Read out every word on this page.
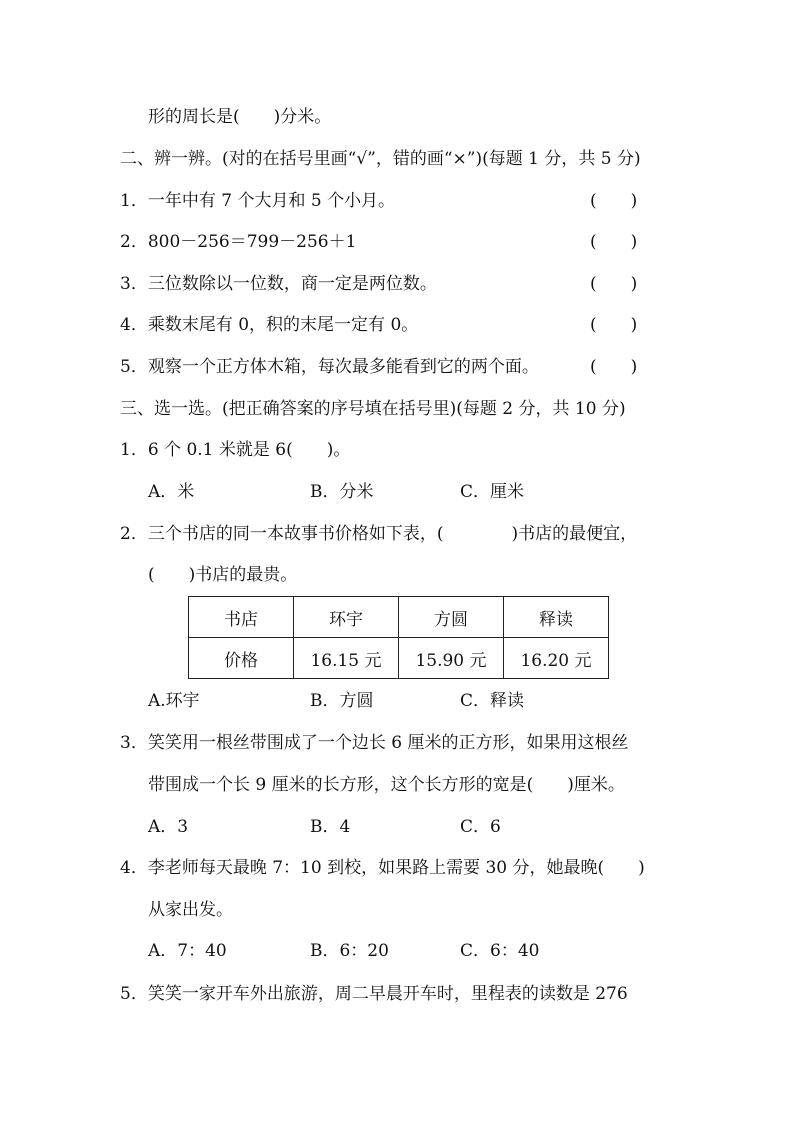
形的周长是(　　)分米。
二、辨一辨。(对的在括号里画“√”，错的画“×”)(每题 1 分，共 5 分)
1．一年中有 7 个大月和 5 个小月。	(　　)
2．800－256＝799－256＋1	(　　)
3．三位数除以一位数，商一定是两位数。	(　　)
4．乘数末尾有 0，积的末尾一定有 0。	(　　)
5．观察一个正方体木箱，每次最多能看到它的两个面。	(　　)
三、选一选。(把正确答案的序号填在括号里)(每题 2 分，共 10 分)
1．6 个 0.1 米就是 6(　　)。
A．米	B．分米	C．厘米
2．三个书店的同一本故事书价格如下表，(　　　　)书店的最便宜，
(　　)书店的最贵。
书店	环宇	方圆	释读
价格	16.15 元	15.90 元	16.20 元
A.环宇	B．方圆	C．释读
3．笑笑用一根丝带围成了一个边长 6 厘米的正方形，如果用这根丝
带围成一个长 9 厘米的长方形，这个长方形的宽是(　　)厘米。
A．3	B．4	C．6
4．李老师每天最晚 7：10 到校，如果路上需要 30 分，她最晚(　　)
从家出发。
A．7：40	B．6：20	C．6：40
5．笑笑一家开车外出旅游，周二早晨开车时，里程表的读数是 276
